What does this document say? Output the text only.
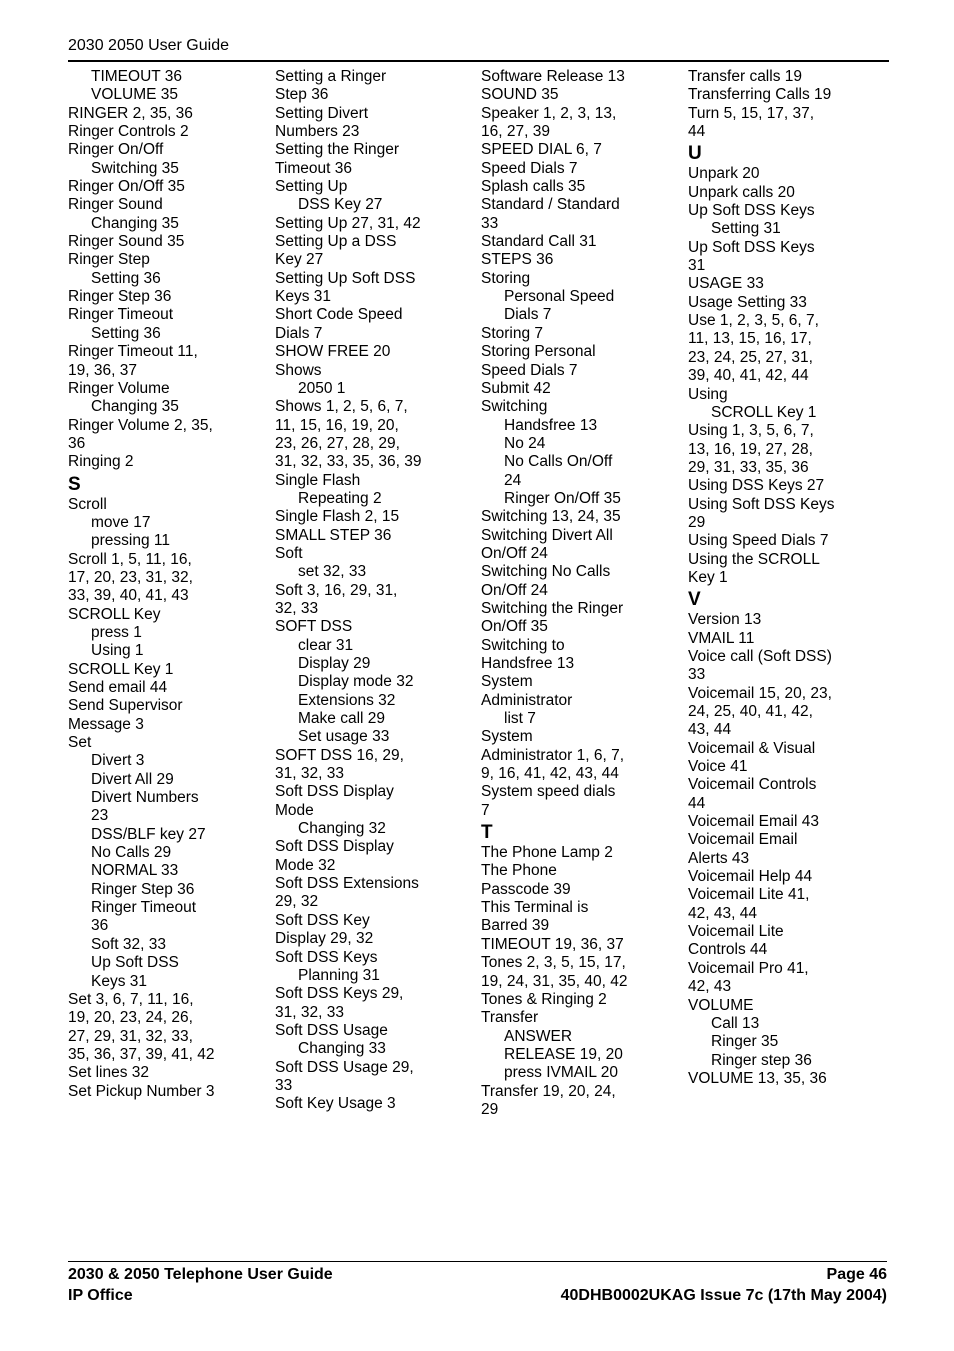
2030 2050 User Guide
TIMEOUT 36
VOLUME 35
RINGER 2, 35, 36
Ringer Controls 2
Ringer On/Off
Switching 35
Ringer On/Off 35
Ringer Sound
Changing 35
Ringer Sound 35
Ringer Step
Setting 36
Ringer Step 36
Ringer Timeout
Setting 36
Ringer Timeout 11,
19, 36, 37
Ringer Volume
Changing 35
Ringer Volume 2, 35,
36
Ringing 2
S
Scroll
move 17
pressing 11
Scroll 1, 5, 11, 16,
17, 20, 23, 31, 32,
33, 39, 40, 41, 43
SCROLL Key
press 1
Using 1
SCROLL Key 1
Send email 44
Send Supervisor
Message 3
Set
Divert 3
Divert All 29
Divert Numbers
23
DSS/BLF key 27
No Calls 29
NORMAL 33
Ringer Step 36
Ringer Timeout
36
Soft 32, 33
Up Soft DSS
Keys 31
Set 3, 6, 7, 11, 16,
19, 20, 23, 24, 26,
27, 29, 31, 32, 33,
35, 36, 37, 39, 41, 42
Set lines 32
Set Pickup Number 3
Setting a Ringer
Step 36
Setting Divert
Numbers 23
Setting the Ringer
Timeout 36
Setting Up
DSS Key 27
Setting Up 27, 31, 42
Setting Up a DSS
Key 27
Setting Up Soft DSS
Keys 31
Short Code Speed
Dials 7
SHOW FREE 20
Shows
2050 1
Shows 1, 2, 5, 6, 7,
11, 15, 16, 19, 20,
23, 26, 27, 28, 29,
31, 32, 33, 35, 36, 39
Single Flash
Repeating 2
Single Flash 2, 15
SMALL STEP 36
Soft
set 32, 33
Soft 3, 16, 29, 31,
32, 33
SOFT DSS
clear 31
Display 29
Display mode 32
Extensions 32
Make call 29
Set usage 33
SOFT DSS 16, 29,
31, 32, 33
Soft DSS Display
Mode
Changing 32
Soft DSS Display
Mode 32
Soft DSS Extensions
29, 32
Soft DSS Key
Display 29, 32
Soft DSS Keys
Planning 31
Soft DSS Keys 29,
31, 32, 33
Soft DSS Usage
Changing 33
Soft DSS Usage 29,
33
Soft Key Usage 3
Software Release 13
SOUND 35
Speaker 1, 2, 3, 13,
16, 27, 39
SPEED DIAL 6, 7
Speed Dials 7
Splash calls 35
Standard / Standard
33
Standard Call 31
STEPS 36
Storing
Personal Speed
Dials 7
Storing 7
Storing Personal
Speed Dials 7
Submit 42
Switching
Handsfree 13
No 24
No Calls On/Off
24
Ringer On/Off 35
Switching 13, 24, 35
Switching Divert All
On/Off 24
Switching No Calls
On/Off 24
Switching the Ringer
On/Off 35
Switching to
Handsfree 13
System
Administrator
list 7
System
Administrator 1, 6, 7,
9, 16, 41, 42, 43, 44
System speed dials
7
T
The Phone Lamp 2
The Phone
Passcode 39
This Terminal is
Barred 39
TIMEOUT 19, 36, 37
Tones 2, 3, 5, 15, 17,
19, 24, 31, 35, 40, 42
Tones & Ringing 2
Transfer
ANSWER
RELEASE 19, 20
press IVMAIL 20
Transfer 19, 20, 24,
29
Transfer calls 19
Transferring Calls 19
Turn 5, 15, 17, 37,
44
U
Unpark 20
Unpark calls 20
Up Soft DSS Keys
Setting 31
Up Soft DSS Keys
31
USAGE 33
Usage Setting 33
Use 1, 2, 3, 5, 6, 7,
11, 13, 15, 16, 17,
23, 24, 25, 27, 31,
39, 40, 41, 42, 44
Using
SCROLL Key 1
Using 1, 3, 5, 6, 7,
13, 16, 19, 27, 28,
29, 31, 33, 35, 36
Using DSS Keys 27
Using Soft DSS Keys
29
Using Speed Dials 7
Using the SCROLL
Key 1
V
Version 13
VMAIL 11
Voice call (Soft DSS)
33
Voicemail 15, 20, 23,
24, 25, 40, 41, 42,
43, 44
Voicemail & Visual
Voice 41
Voicemail Controls
44
Voicemail Email 43
Voicemail Email
Alerts 43
Voicemail Help 44
Voicemail Lite 41,
42, 43, 44
Voicemail Lite
Controls 44
Voicemail Pro 41,
42, 43
VOLUME
Call 13
Ringer 35
Ringer step 36
VOLUME 13, 35, 36
2030 & 2050 Telephone User Guide	Page 46
IP Office	40DHB0002UKAG Issue 7c (17th May 2004)
